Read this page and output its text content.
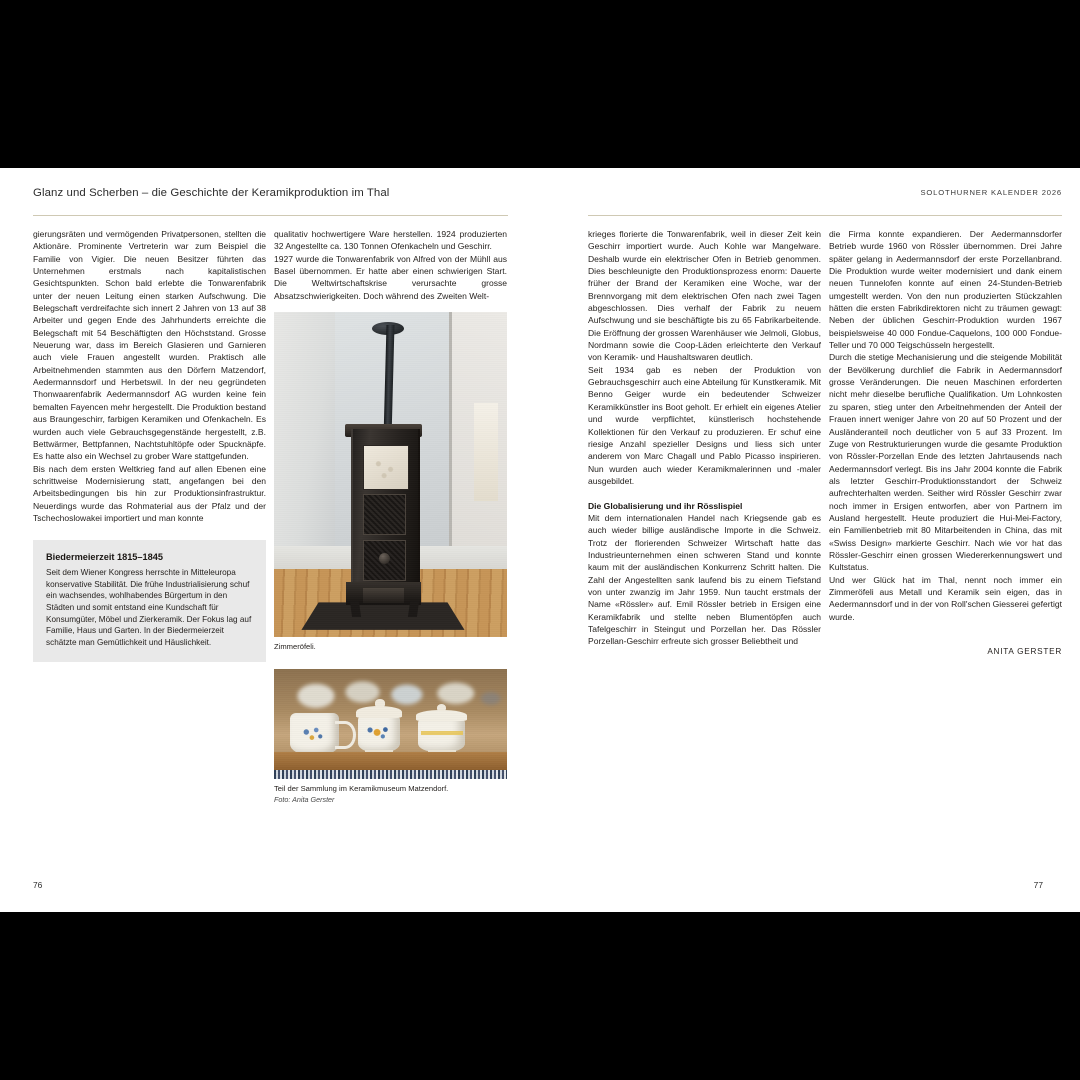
Glanz und Scherben – die Geschichte der Keramikproduktion im Thal

gierungsräten und vermögenden Privatpersonen, stellten die Aktionäre. Prominente Vertreterin war zum Beispiel die Familie von Vigier. Die neuen Besitzer führten das Unternehmen erstmals nach kapitalistischen Gesichtspunkten. Schon bald erlebte die Tonwarenfabrik unter der neuen Leitung einen starken Aufschwung. Die Belegschaft verdreifachte sich innert 2 Jahren von 13 auf 38 Arbeiter und gegen Ende des Jahrhunderts erreichte die Belegschaft mit 54 Beschäftigten den Höchststand. Grosse Neuerung war, dass im Bereich Glasieren und Garnieren auch viele Frauen angestellt wurden. Praktisch alle Arbeitnehmenden stammten aus den Dörfern Matzendorf, Aedermannsdorf und Herbetswil. In der neu gegründeten Thonwaarenfabrik Aedermannsdorf AG wurden keine fein bemalten Fayencen mehr hergestellt. Die Produktion bestand aus Braungeschirr, farbigen Keramiken und Ofenkacheln. Es wurden auch viele Gebrauchsgegenstände hergestellt, z.B. Bettwärmer, Bettpfannen, Nachtstuhltöpfe oder Spucknäpfe. Es hatte also ein Wechsel zu grober Ware stattgefunden.

Bis nach dem ersten Weltkrieg fand auf allen Ebenen eine schrittweise Modernisierung statt, angefangen bei den Arbeitsbedingungen bis hin zur Produktionsinfrastruktur. Neuerdings wurde das Rohmaterial aus der Pfalz und der Tschechoslowakei importiert und man konnte

Biedermeierzeit 1815–1845
Seit dem Wiener Kongress herrschte in Mitteleuropa konservative Stabilität. Die frühe Industrialisierung schuf ein wachsendes, wohlhabendes Bürgertum in den Städten und somit entstand eine Kundschaft für Konsumgüter, Möbel und Zierkeramik. Der Fokus lag auf Familie, Haus und Garten. In der Biedermeierzeit schätzte man Gemütlichkeit und Häuslichkeit.

qualitativ hochwertigere Ware herstellen. 1924 produzierten 32 Angestellte ca. 130 Tonnen Ofenkacheln und Geschirr.

1927 wurde die Tonwarenfabrik von Alfred von der Mühll aus Basel übernommen. Er hatte aber einen schwierigen Start. Die Weltwirtschaftskrise verursachte grosse Absatzschwierigkeiten. Doch während des Zweiten Welt-

Zimmeröfeli.
Teil der Sammlung im Keramikmuseum Matzendorf.
Foto: Anita Gerster
76
SOLOTHURNER KALENDER 2026

krieges florierte die Tonwarenfabrik, weil in dieser Zeit kein Geschirr importiert wurde. Auch Kohle war Mangelware. Deshalb wurde ein elektrischer Ofen in Betrieb genommen. Dies beschleunigte den Produktionsprozess enorm: Dauerte früher der Brand der Keramiken eine Woche, war der Brennvorgang mit dem elektrischen Ofen nach zwei Tagen abgeschlossen. Dies verhalf der Fabrik zu neuem Aufschwung und sie beschäftigte bis zu 65 Fabrikarbeitende. Die Eröffnung der grossen Warenhäuser wie Jelmoli, Globus, Nordmann sowie die Coop-Läden erleichterte den Verkauf von Keramik- und Haushaltswaren deutlich.

Seit 1934 gab es neben der Produktion von Gebrauchsgeschirr auch eine Abteilung für Kunstkeramik. Mit Benno Geiger wurde ein bedeutender Schweizer Keramikkünstler ins Boot geholt. Er erhielt ein eigenes Atelier und wurde verpflichtet, künstlerisch hochstehende Kollektionen für den Verkauf zu produzieren. Er schuf eine riesige Anzahl spezieller Designs und liess sich unter anderem von Marc Chagall und Pablo Picasso inspirieren. Nun wurden auch wieder Keramikmalerinnen und -maler ausgebildet.

Die Globalisierung und ihr Rösslispiel

Mit dem internationalen Handel nach Kriegsende gab es auch wieder billige ausländische Importe in die Schweiz. Trotz der florierenden Schweizer Wirtschaft hatte das Industrieunternehmen einen schweren Stand und konnte kaum mit der ausländischen Konkurrenz Schritt halten. Die Zahl der Angestellten sank laufend bis zu einem Tiefstand von unter zwanzig im Jahr 1959. Nun taucht erstmals der Name «Rössler» auf. Emil Rössler betrieb in Ersigen eine Keramikfabrik und stellte neben Blumentöpfen auch Tafelgeschirr in Steingut und Porzellan her. Das Rössler Porzellan-Geschirr erfreute sich grosser Beliebtheit und

die Firma konnte expandieren. Der Aedermannsdorfer Betrieb wurde 1960 von Rössler übernommen. Drei Jahre später gelang in Aedermannsdorf der erste Porzellanbrand. Die Produktion wurde weiter modernisiert und dank einem neuen Tunnelofen konnte auf einen 24-Stunden-Betrieb umgestellt werden. Von den nun produzierten Stückzahlen hätten die ersten Fabrikdirektoren nicht zu träumen gewagt: Neben der üblichen Geschirr-Produktion wurden 1967 beispielsweise 40 000 Fondue-Caquelons, 100 000 Fondue-Teller und 70 000 Teigschüsseln hergestellt.

Durch die stetige Mechanisierung und die steigende Mobilität der Bevölkerung durchlief die Fabrik in Aedermannsdorf grosse Veränderungen. Die neuen Maschinen erforderten nicht mehr dieselbe berufliche Qualifikation. Um Lohnkosten zu sparen, stieg unter den Arbeitnehmenden der Anteil der Frauen innert weniger Jahre von 20 auf 50 Prozent und der Ausländeranteil noch deutlicher von 5 auf 33 Prozent. Im Zuge von Restrukturierungen wurde die gesamte Produktion von Rössler-Porzellan Ende des letzten Jahrtausends nach Aedermannsdorf verlegt. Bis ins Jahr 2004 konnte die Fabrik als letzter Geschirr-Produktionsstandort der Schweiz aufrechterhalten werden. Seither wird Rössler Geschirr zwar noch immer in Ersigen entworfen, aber von Partnern im Ausland hergestellt. Heute produziert die Hui-Mei-Factory, ein Familienbetrieb mit 80 Mitarbeitenden in China, das mit «Swiss Design» markierte Geschirr. Nach wie vor hat das Rössler-Geschirr einen grossen Wiedererkennungswert und Kultstatus.

Und wer Glück hat im Thal, nennt noch immer ein Zimmeröfeli aus Metall und Keramik sein eigen, das in Aedermannsdorf und in der von Roll'schen Giesserei gefertigt wurde.

ANITA GERSTER
77
